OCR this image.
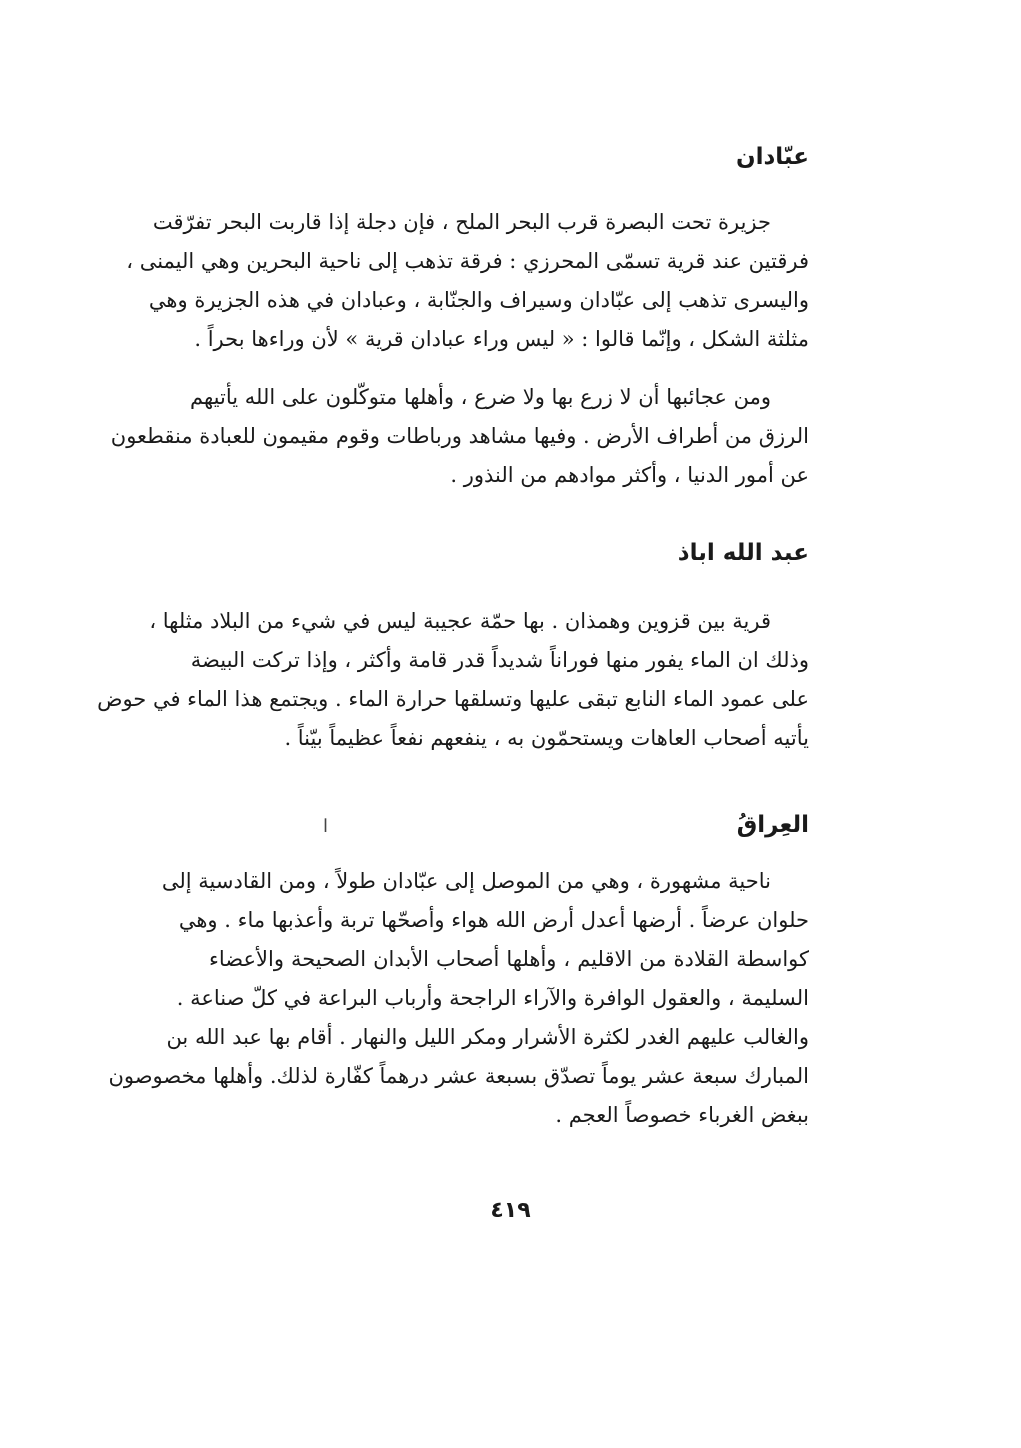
عبّادان
جزيرة تحت البصرة قرب البحر الملح ، فإن دجلة إذا قاربت البحر تفرّقت
فرقتين عند قرية تسمّى المحرزي : فرقة تذهب إلى ناحية البحرين وهي اليمنى ،
واليسرى تذهب إلى عبّادان وسيراف والجنّابة ، وعبادان في هذه الجزيرة وهي
مثلثة الشكل ، وإنّما قالوا : « ليس وراء عبادان قرية » لأن وراءها بحراً .
ومن عجائبها أن لا زرع بها ولا ضرع ، وأهلها متوكّلون على الله يأتيهم
الرزق من أطراف الأرض . وفيها مشاهد ورباطات وقوم مقيمون للعبادة منقطعون
عن أمور الدنيا ، وأكثر موادهم من النذور .
عبد الله اباذ
قرية بين قزوين وهمذان . بها حمّة عجيبة ليس في شيء من البلاد مثلها ،
وذلك ان الماء يفور منها فوراناً شديداً قدر قامة وأكثر ، وإذا تركت البيضة
على عمود الماء النابع تبقى عليها وتسلقها حرارة الماء . ويجتمع هذا الماء في حوض
يأتيه أصحاب العاهات ويستحمّون به ، ينفعهم نفعاً عظيماً بيّناً .
العِراقُ
ا
ناحية مشهورة ، وهي من الموصل إلى عبّادان طولاً ، ومن القادسية إلى
حلوان عرضاً . أرضها أعدل أرض الله هواء وأصحّها تربة وأعذبها ماء . وهي
كواسطة القلادة من الاقليم ، وأهلها أصحاب الأبدان الصحيحة والأعضاء
السليمة ، والعقول الوافرة والآراء الراجحة وأرباب البراعة في كلّ صناعة .
والغالب عليهم الغدر لكثرة الأشرار ومكر الليل والنهار . أقام بها عبد الله بن
المبارك سبعة عشر يوماً تصدّق بسبعة عشر درهماً كفّارة لذلك. وأهلها مخصوصون
ببغض الغرباء خصوصاً العجم .
٤١٩
